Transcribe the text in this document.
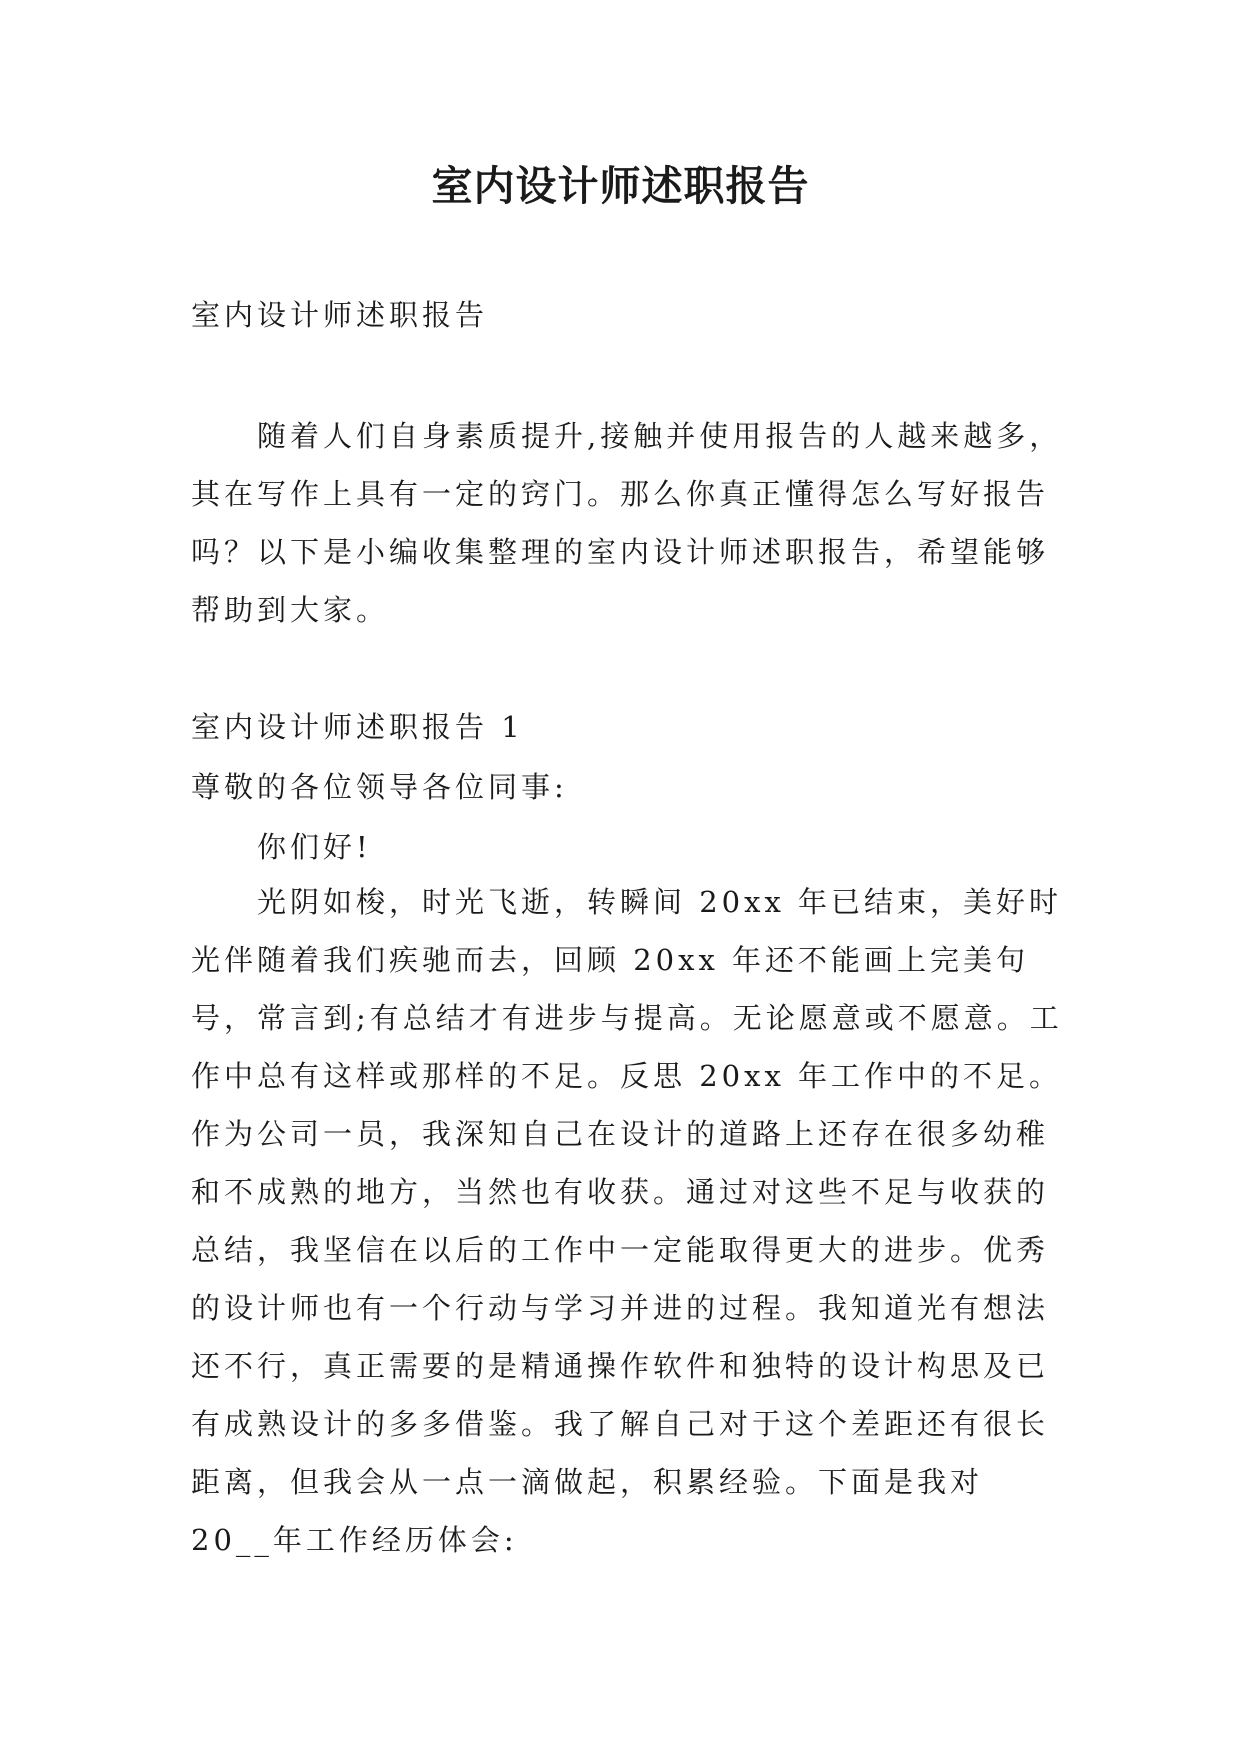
室内设计师述职报告

室内设计师述职报告

随着人们自身素质提升,接触并使用报告的人越来越多，其在写作上具有一定的窍门。那么你真正懂得怎么写好报告吗？以下是小编收集整理的室内设计师述职报告，希望能够帮助到大家。

室内设计师述职报告 1

尊敬的各位领导各位同事:

你们好!

光阴如梭，时光飞逝，转瞬间 20xx 年已结束，美好时光伴随着我们疾驰而去，回顾 20xx 年还不能画上完美句号，常言到;有总结才有进步与提高。无论愿意或不愿意。工作中总有这样或那样的不足。反思 20xx 年工作中的不足。作为公司一员，我深知自己在设计的道路上还存在很多幼稚和不成熟的地方，当然也有收获。通过对这些不足与收获的总结，我坚信在以后的工作中一定能取得更大的进步。优秀的设计师也有一个行动与学习并进的过程。我知道光有想法还不行，真正需要的是精通操作软件和独特的设计构思及已有成熟设计的多多借鉴。我了解自己对于这个差距还有很长距离，但我会从一点一滴做起，积累经验。下面是我对 20__年工作经历体会:
